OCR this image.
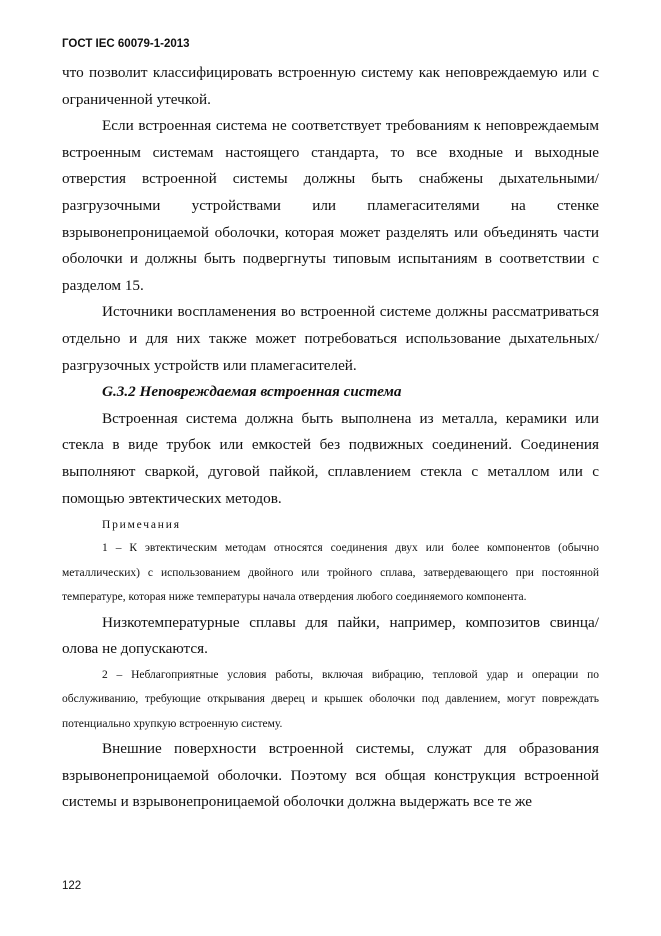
ГОСТ IEC 60079-1-2013

что позволит классифицировать встроенную систему как неповреждаемую или с ограниченной утечкой.

Если встроенная система не соответствует требованиям к неповреждаемым встроенным системам настоящего стандарта, то все входные и выходные отверстия встроенной системы должны быть снабжены дыхательными/разгрузочными устройствами или пламегасителями на стенке взрывонепроницаемой оболочки, которая может разделять или объединять части оболочки и должны быть подвергнуты типовым испытаниям в соответствии с разделом 15.

Источники воспламенения во встроенной системе должны рассматриваться отдельно и для них также может потребоваться использование дыхательных/разгрузочных устройств или пламегасителей.

G.3.2 Неповреждаемая встроенная система

Встроенная система должна быть выполнена из металла, керамики или стекла в виде трубок или емкостей без подвижных соединений. Соединения выполняют сваркой, дуговой пайкой, сплавлением стекла с металлом или с помощью эвтектических методов.

Примечания

1 – К эвтектическим методам относятся соединения двух или более компонентов (обычно металлических) с использованием двойного или тройного сплава, затвердевающего при постоянной температуре, которая ниже температуры начала отвердения любого соединяемого компонента.

Низкотемпературные сплавы для пайки, например, композитов свинца/олова не допускаются.

2 – Неблагоприятные условия работы, включая вибрацию, тепловой удар и операции по обслуживанию, требующие открывания дверец и крышек оболочки под давлением, могут повреждать потенциально хрупкую встроенную систему.

Внешние поверхности встроенной системы, служат для образования взрывонепроницаемой оболочки. Поэтому вся общая конструкция встроенной системы и взрывонепроницаемой оболочки должна выдержать все те же

122
